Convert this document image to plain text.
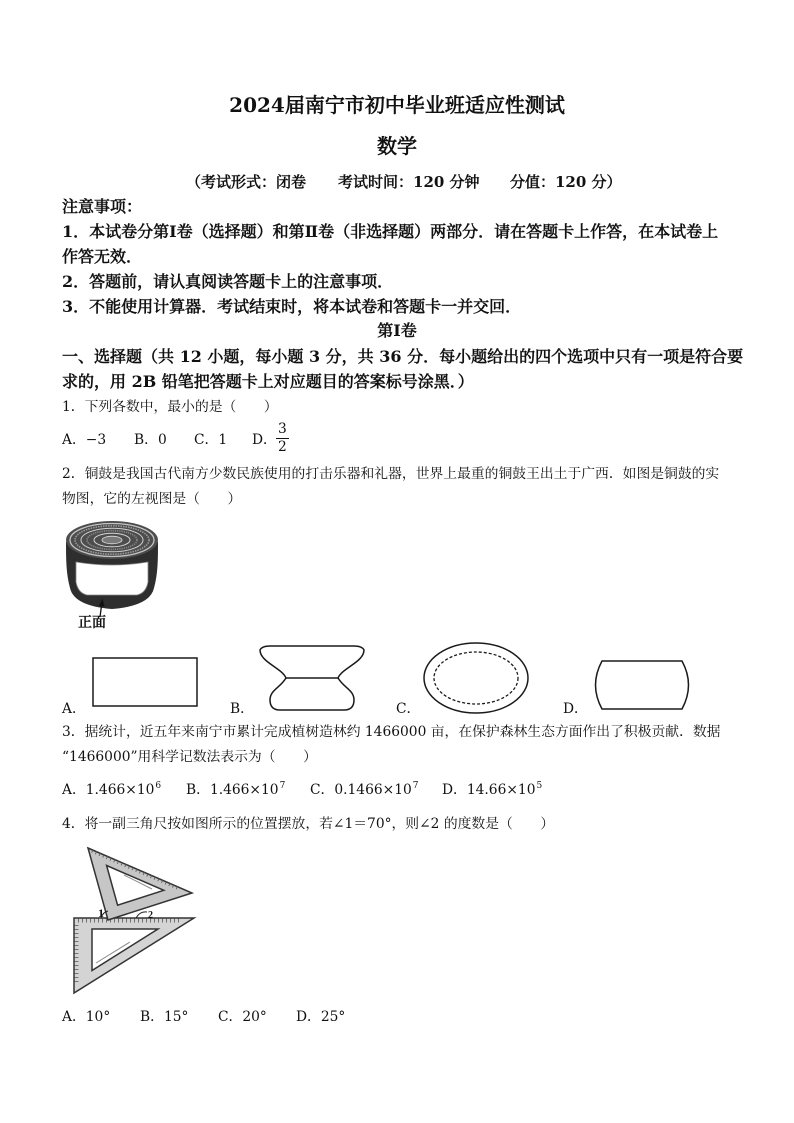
2024届南宁市初中毕业班适应性测试
数学
（考试形式：闭卷 考试时间：120 分钟 分值：120 分）
注意事项：
1．本试卷分第Ⅰ卷（选择题）和第Ⅱ卷（非选择题）两部分．请在答题卡上作答，在本试卷上
作答无效．
2．答题前，请认真阅读答题卡上的注意事项．
3．不能使用计算器．考试结束时，将本试卷和答题卡一并交回．
第Ⅰ卷
一、选择题（共 12 小题，每小题 3 分，共 36 分．每小题给出的四个选项中只有一项是符合要
求的，用 2B 铅笔把答题卡上对应题目的答案标号涂黑．）
1．下列各数中，最小的是（　　）
A．−3 B．0 C．1 D． $\frac{3}{2}$
2．铜鼓是我国古代南方少数民族使用的打击乐器和礼器，世界上最重的铜鼓王出土于广西．如图是铜鼓的实
物图，它的左视图是（　　）
正面
A．	B．	C．	D．
3．据统计，近五年来南宁市累计完成植树造林约 1466000 亩，在保护森林生态方面作出了积极贡献．数据
“1466000”用科学记数法表示为（　　）
A．$1.466\times 10^6$ B．$1.466\times 10^7$ C．$0.1466\times 10^7$ D．$14.66\times 10^5$
4．将一副三角尺按如图所示的位置摆放，若∠1＝70°，则∠2 的度数是（　　）
1	2
A．10° B．15° C．20° D．25°
